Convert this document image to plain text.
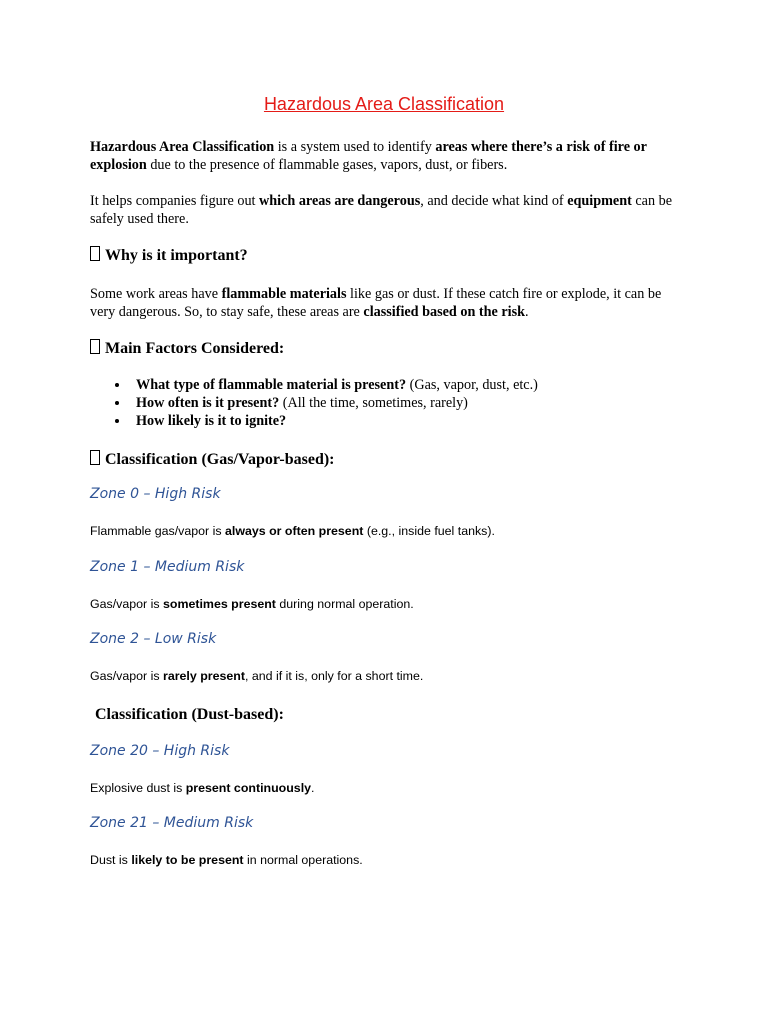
Hazardous Area Classification

Hazardous Area Classification is a system used to identify areas where there’s a risk of fire or explosion due to the presence of flammable gases, vapors, dust, or fibers.

It helps companies figure out which areas are dangerous, and decide what kind of equipment can be safely used there.

Why is it important?

Some work areas have flammable materials like gas or dust. If these catch fire or explode, it can be very dangerous. So, to stay safe, these areas are classified based on the risk.

Main Factors Considered:
What type of flammable material is present? (Gas, vapor, dust, etc.)
How often is it present? (All the time, sometimes, rarely)
How likely is it to ignite?
Classification (Gas/Vapor-based):
Zone 0 – High Risk

Flammable gas/vapor is always or often present (e.g., inside fuel tanks).

Zone 1 – Medium Risk

Gas/vapor is sometimes present during normal operation.

Zone 2 – Low Risk

Gas/vapor is rarely present, and if it is, only for a short time.

Classification (Dust-based):
Zone 20 – High Risk

Explosive dust is present continuously.

Zone 21 – Medium Risk

Dust is likely to be present in normal operations.
